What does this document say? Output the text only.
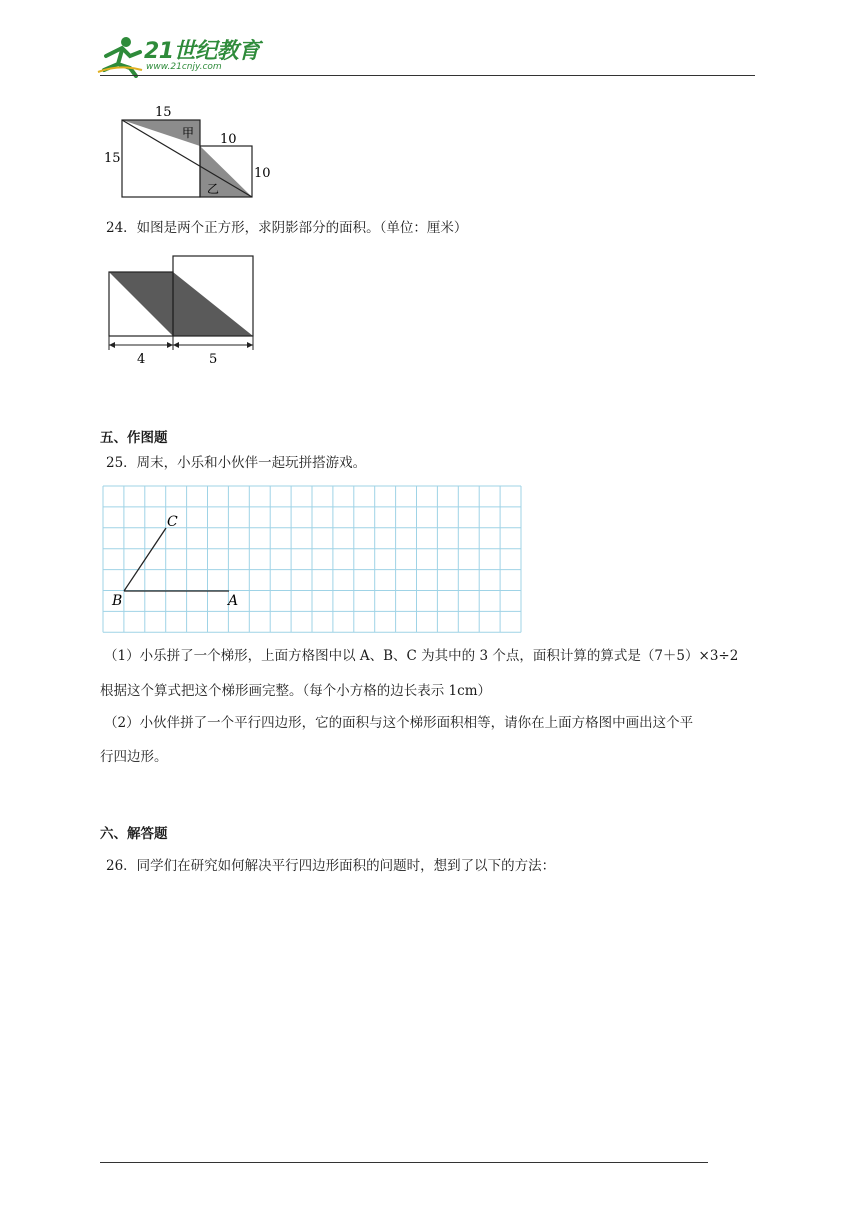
21世纪教育
www.21cnjy.com
15
15
10
10
甲
乙
24．如图是两个正方形，求阴影部分的面积。（单位：厘米）
4	5
五、作图题
25．周末，小乐和小伙伴一起玩拼搭游戏。
C
B	A
（1）小乐拼了一个梯形，上面方格图中以 A、B、C 为其中的 3 个点，面积计算的算式是（7＋5）×3÷2
根据这个算式把这个梯形画完整。（每个小方格的边长表示 1cm）
（2）小伙伴拼了一个平行四边形，它的面积与这个梯形面积相等，请你在上面方格图中画出这个平
行四边形。
六、解答题
26．同学们在研究如何解决平行四边形面积的问题时，想到了以下的方法：
